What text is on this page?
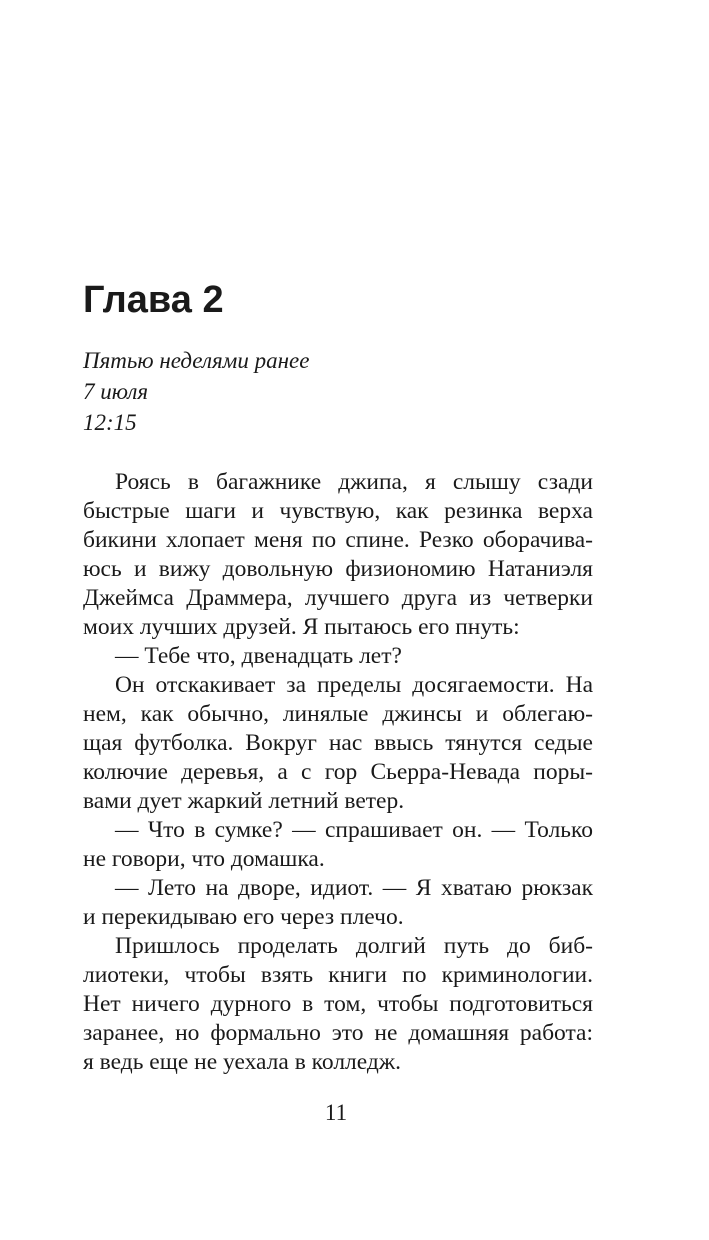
Глава 2
Пятью неделями ранее
7 июля
12:15
Роясь в багажнике джипа, я слышу сзади
быстрые шаги и чувствую, как резинка верха
бикини хлопает меня по спине. Резко оборачива-
юсь и вижу довольную физиономию Натаниэля
Джеймса Драммера, лучшего друга из четверки
моих лучших друзей. Я пытаюсь его пнуть:
— Тебе что, двенадцать лет?
Он отскакивает за пределы досягаемости. На
нем, как обычно, линялые джинсы и облегаю-
щая футболка. Вокруг нас ввысь тянутся седые
колючие деревья, а с гор Сьерра-Невада поры-
вами дует жаркий летний ветер.
— Что в сумке? — спрашивает он. — Только
не говори, что домашка.
— Лето на дворе, идиот. — Я хватаю рюкзак
и перекидываю его через плечо.
Пришлось проделать долгий путь до биб-
лиотеки, чтобы взять книги по криминологии.
Нет ничего дурного в том, чтобы подготовиться
заранее, но формально это не домашняя работа:
я ведь еще не уехала в колледж.
11
